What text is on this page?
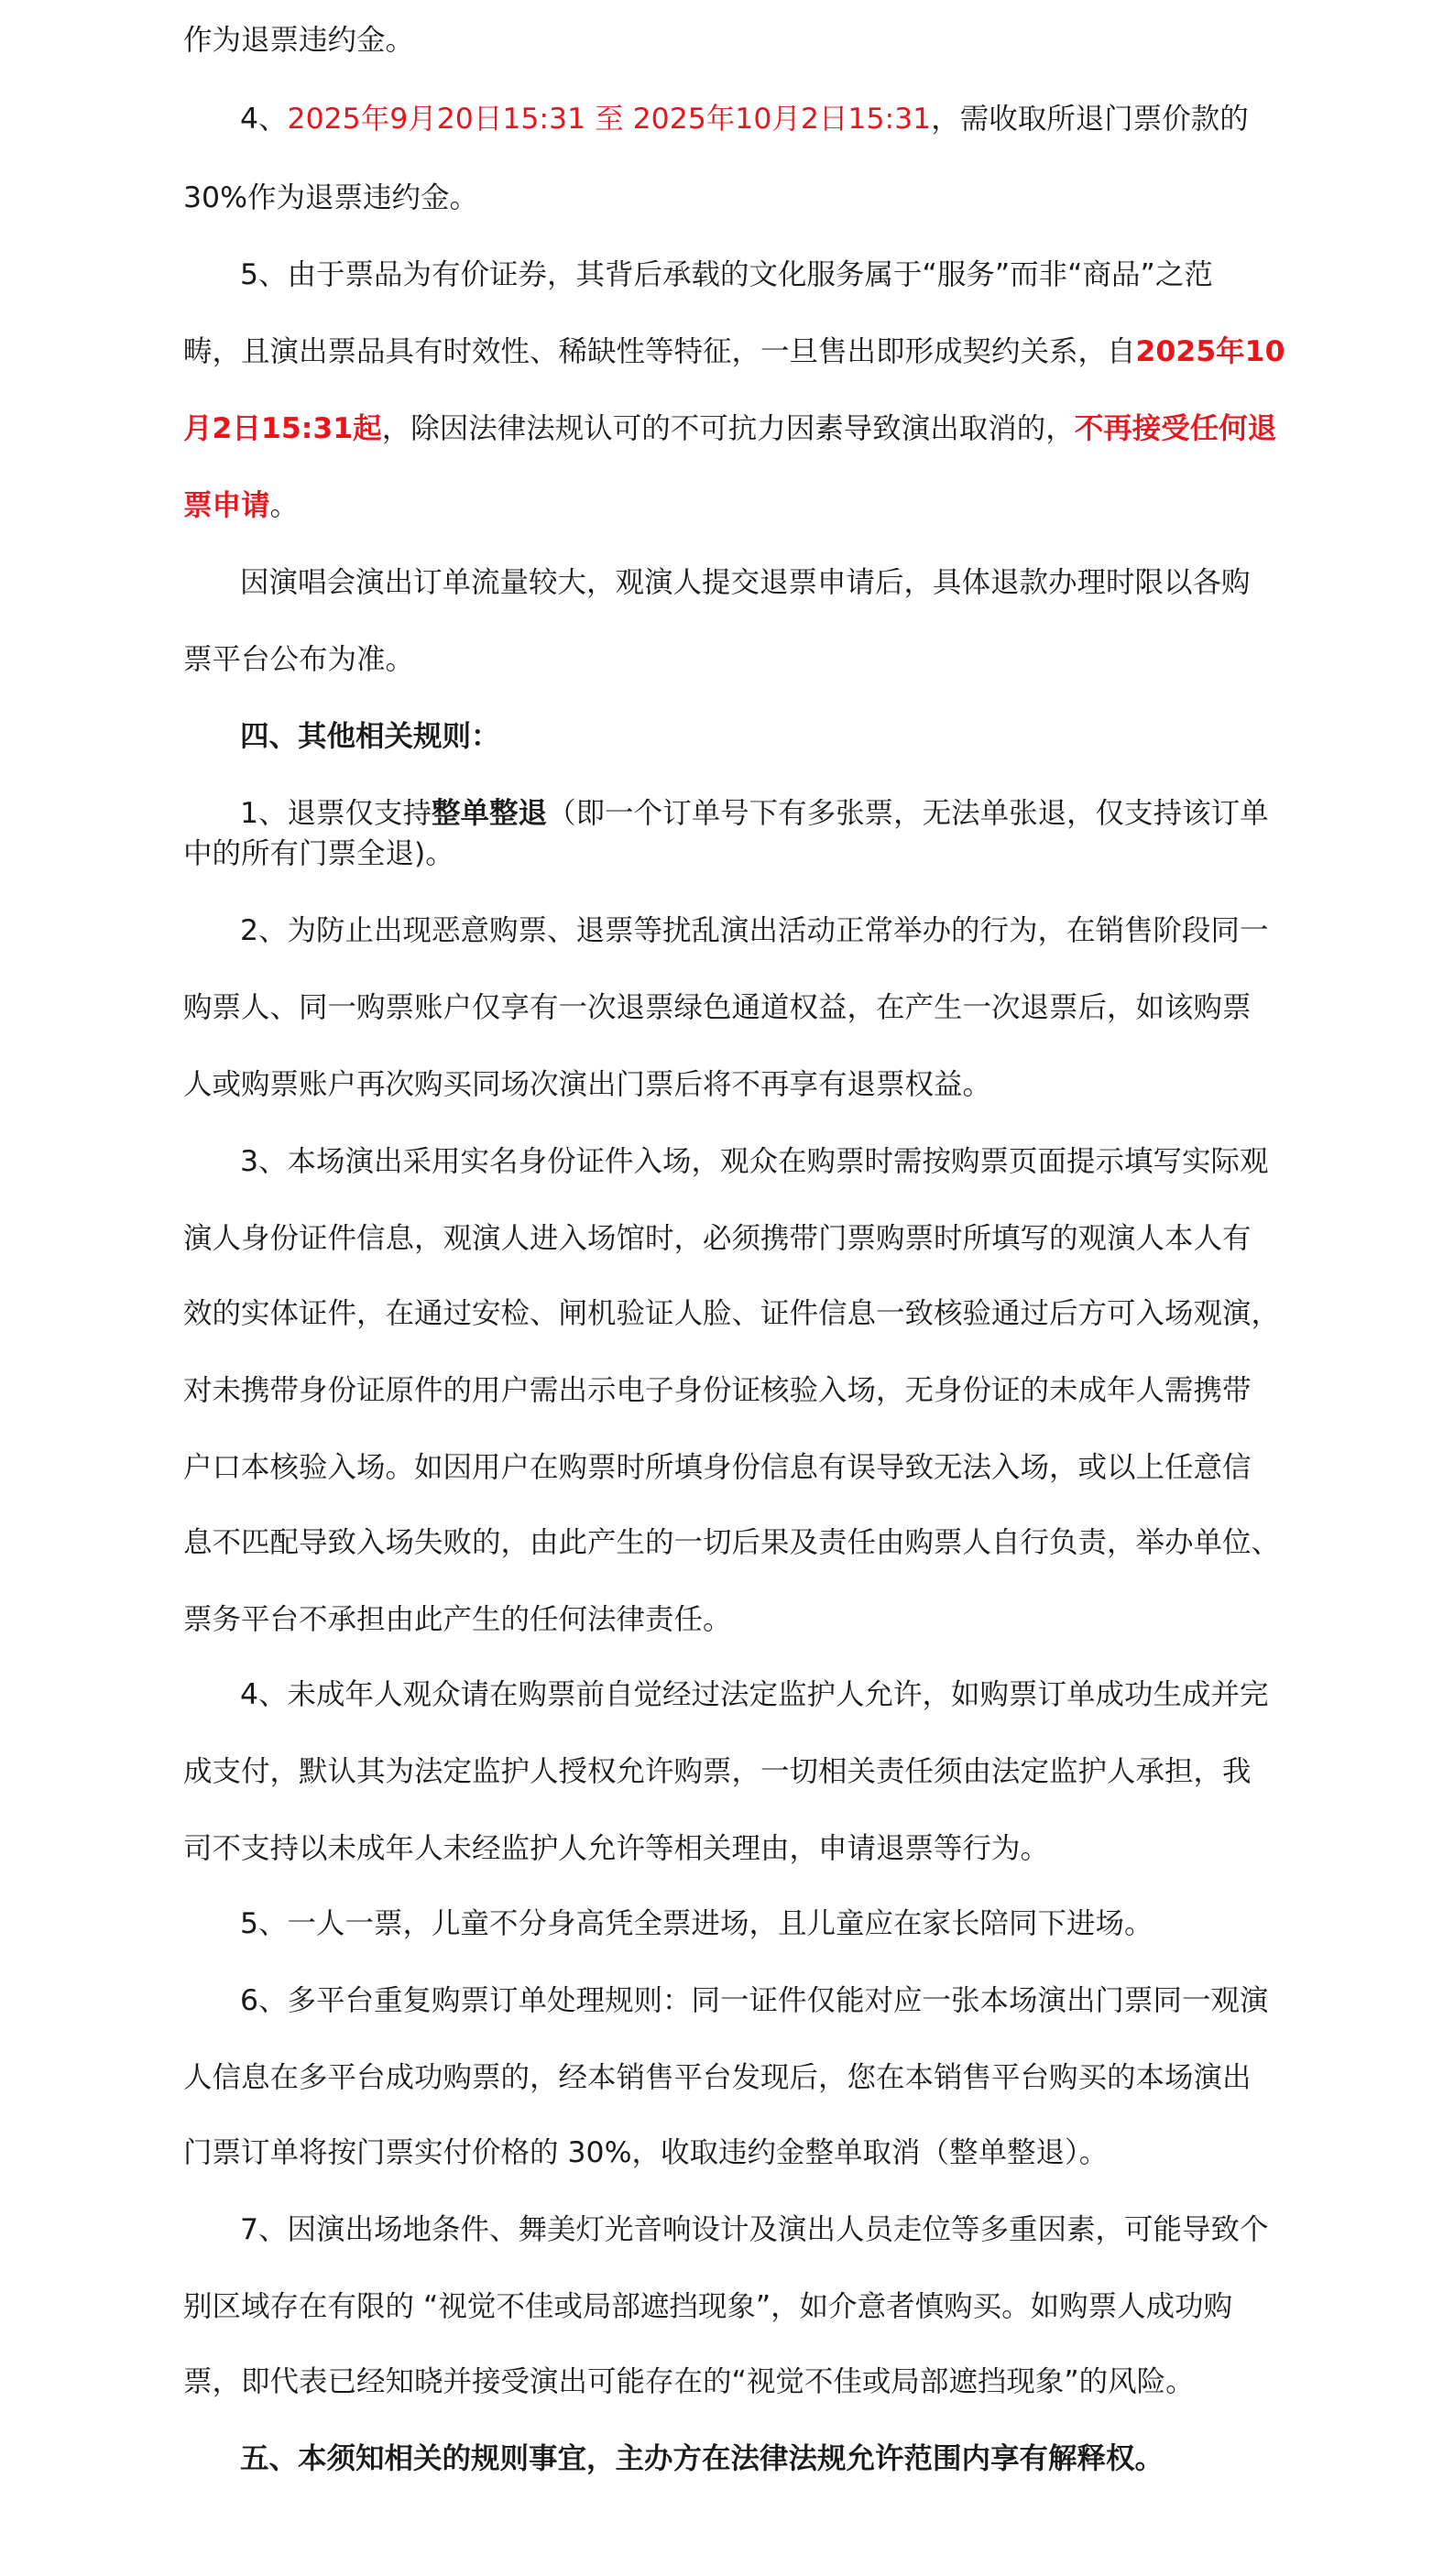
作为退票违约金。
4、2025年9月20日15:31 至 2025年10月2日15:31，需收取所退门票价款的
30%作为退票违约金。
5、由于票品为有价证券，其背后承载的文化服务属于“服务”而非“商品”之范
畴，且演出票品具有时效性、稀缺性等特征，一旦售出即形成契约关系，自2025年10
月2日15:31起，除因法律法规认可的不可抗力因素导致演出取消的，不再接受任何退
票申请。
因演唱会演出订单流量较大，观演人提交退票申请后，具体退款办理时限以各购
票平台公布为准。
四、其他相关规则：
1、退票仅支持整单整退（即一个订单号下有多张票，无法单张退，仅支持该订单
中的所有门票全退)。
2、为防止出现恶意购票、退票等扰乱演出活动正常举办的行为，在销售阶段同一
购票人、同一购票账户仅享有一次退票绿色通道权益，在产生一次退票后，如该购票
人或购票账户再次购买同场次演出门票后将不再享有退票权益。
3、本场演出采用实名身份证件入场，观众在购票时需按购票页面提示填写实际观
演人身份证件信息，观演人进入场馆时，必须携带门票购票时所填写的观演人本人有
效的实体证件，在通过安检、闸机验证人脸、证件信息一致核验通过后方可入场观演，
对未携带身份证原件的用户需出示电子身份证核验入场，无身份证的未成年人需携带
户口本核验入场。如因用户在购票时所填身份信息有误导致无法入场，或以上任意信
息不匹配导致入场失败的，由此产生的一切后果及责任由购票人自行负责，举办单位、
票务平台不承担由此产生的任何法律责任。
4、未成年人观众请在购票前自觉经过法定监护人允许，如购票订单成功生成并完
成支付，默认其为法定监护人授权允许购票，一切相关责任须由法定监护人承担，我
司不支持以未成年人未经监护人允许等相关理由，申请退票等行为。
5、一人一票，儿童不分身高凭全票进场，且儿童应在家长陪同下进场。
6、多平台重复购票订单处理规则：同一证件仅能对应一张本场演出门票同一观演
人信息在多平台成功购票的，经本销售平台发现后，您在本销售平台购买的本场演出
门票订单将按门票实付价格的 30%，收取违约金整单取消（整单整退）。
7、因演出场地条件、舞美灯光音响设计及演出人员走位等多重因素，可能导致个
别区域存在有限的 “视觉不佳或局部遮挡现象”，如介意者慎购买。如购票人成功购
票，即代表已经知晓并接受演出可能存在的“视觉不佳或局部遮挡现象”的风险。
五、本须知相关的规则事宜，主办方在法律法规允许范围内享有解释权。
